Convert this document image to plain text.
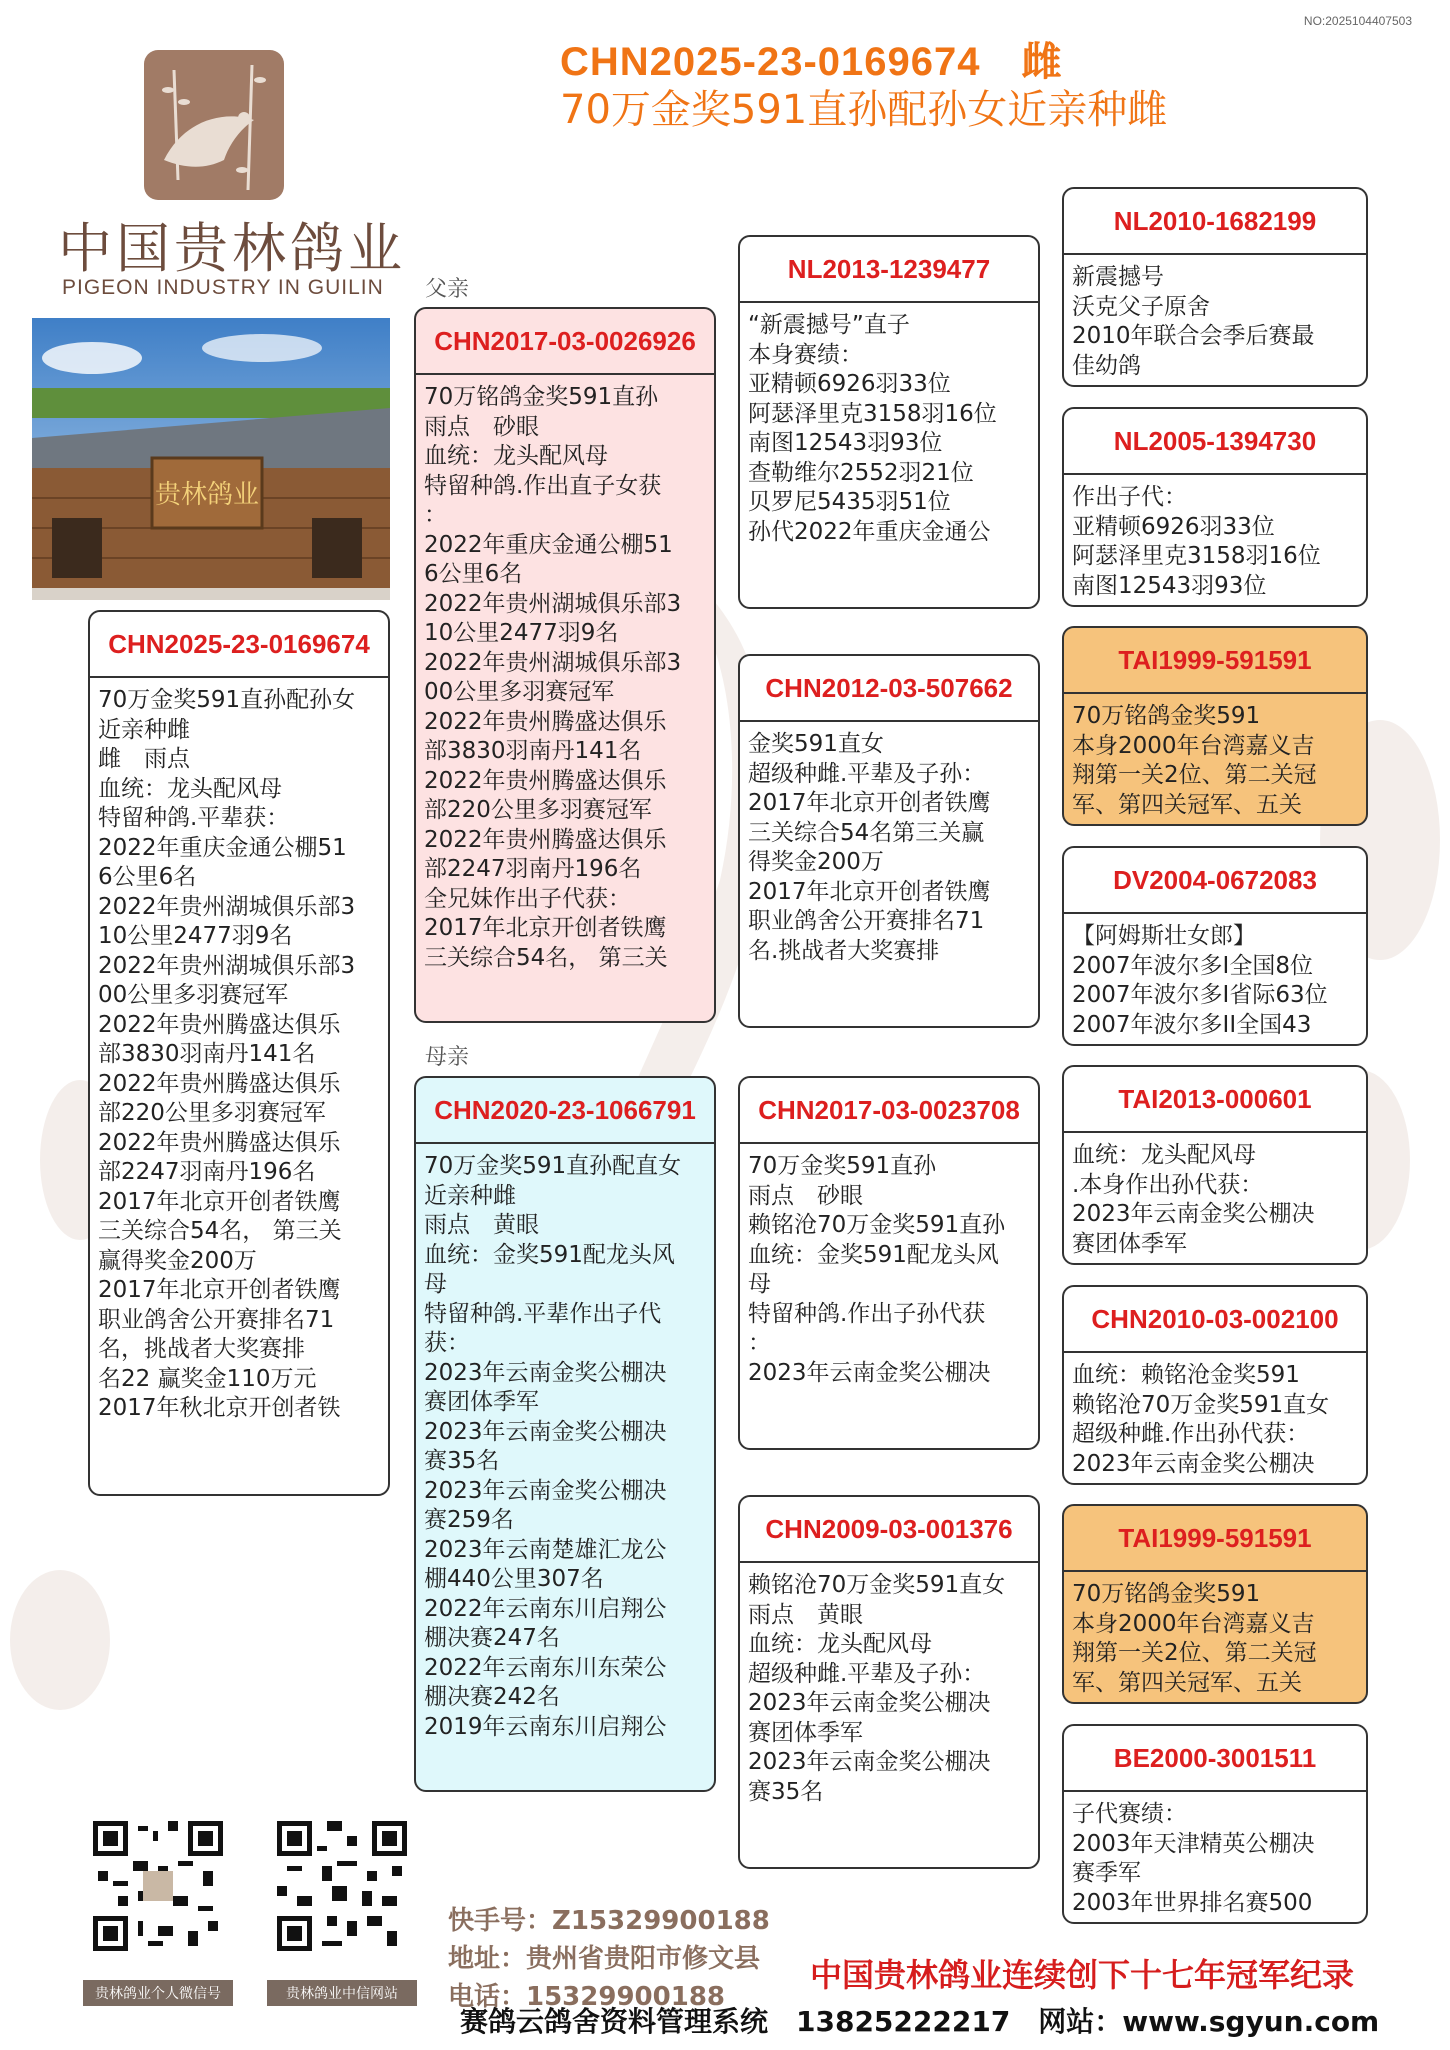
NO:2025104407503
CHN2025-23-0169674　雌
70万金奖591直孙配孙女近亲种雌
中国贵林鸽业
PIGEON INDUSTRY IN GUILIN
贵林鸽业
父亲
母亲
CHN2025-23-0169674
70万金奖591直孙配孙女
近亲种雌
雌　雨点
血统：龙头配风母
特留种鸽.平辈获：
2022年重庆金通公棚51
6公里6名
2022年贵州湖城俱乐部3
10公里2477羽9名
2022年贵州湖城俱乐部3
00公里多羽赛冠军
2022年贵州腾盛达俱乐
部3830羽南丹141名
2022年贵州腾盛达俱乐
部220公里多羽赛冠军
2022年贵州腾盛达俱乐
部2247羽南丹196名
2017年北京开创者铁鹰
三关综合54名， 第三关
赢得奖金200万
2017年北京开创者铁鹰
职业鸽舍公开赛排名71
名，挑战者大奖赛排
名22 赢奖金110万元
2017年秋北京开创者铁
CHN2017-03-0026926
70万铭鸽金奖591直孙
雨点　砂眼
血统：龙头配风母
特留种鸽.作出直子女获
：
2022年重庆金通公棚51
6公里6名
2022年贵州湖城俱乐部3
10公里2477羽9名
2022年贵州湖城俱乐部3
00公里多羽赛冠军
2022年贵州腾盛达俱乐
部3830羽南丹141名
2022年贵州腾盛达俱乐
部220公里多羽赛冠军
2022年贵州腾盛达俱乐
部2247羽南丹196名
全兄妹作出子代获：
2017年北京开创者铁鹰
三关综合54名， 第三关
CHN2020-23-1066791
70万金奖591直孙配直女
近亲种雌
雨点　黄眼
血统：金奖591配龙头风
母
特留种鸽.平辈作出子代
获：
2023年云南金奖公棚决
赛团体季军
2023年云南金奖公棚决
赛35名
2023年云南金奖公棚决
赛259名
2023年云南楚雄汇龙公
棚440公里307名
2022年云南东川启翔公
棚决赛247名
2022年云南东川东荣公
棚决赛242名
2019年云南东川启翔公
NL2013-1239477
“新震撼号”直子
本身赛绩：
亚精顿6926羽33位
阿瑟泽里克3158羽16位
南图12543羽93位
查勒维尔2552羽21位
贝罗尼5435羽51位
孙代2022年重庆金通公
CHN2012-03-507662
金奖591直女
超级种雌.平辈及子孙：
2017年北京开创者铁鹰
三关综合54名第三关赢
得奖金200万
2017年北京开创者铁鹰
职业鸽舍公开赛排名71
名.挑战者大奖赛排
CHN2017-03-0023708
70万金奖591直孙
雨点　砂眼
赖铭沧70万金奖591直孙
血统：金奖591配龙头风
母
特留种鸽.作出子孙代获
：
2023年云南金奖公棚决
CHN2009-03-001376
赖铭沧70万金奖591直女
雨点　黄眼
血统：龙头配风母
超级种雌.平辈及子孙：
2023年云南金奖公棚决
赛团体季军
2023年云南金奖公棚决
赛35名
NL2010-1682199
新震撼号
沃克父子原舍
2010年联合会季后赛最
佳幼鸽
NL2005-1394730
作出子代：
亚精顿6926羽33位
阿瑟泽里克3158羽16位
南图12543羽93位
TAI1999-591591
70万铭鸽金奖591
本身2000年台湾嘉义吉
翔第一关2位、第二关冠
军、第四关冠军、五关
DV2004-0672083
【阿姆斯壮女郎】
2007年波尔多I全国8位
2007年波尔多I省际63位
2007年波尔多II全国43
TAI2013-000601
血统：龙头配风母
.本身作出孙代获：
2023年云南金奖公棚决
赛团体季军
CHN2010-03-002100
血统：赖铭沧金奖591
赖铭沧70万金奖591直女
超级种雌.作出孙代获：
2023年云南金奖公棚决
TAI1999-591591
70万铭鸽金奖591
本身2000年台湾嘉义吉
翔第一关2位、第二关冠
军、第四关冠军、五关
BE2000-3001511
子代赛绩：
2003年天津精英公棚决
赛季军
2003年世界排名赛500
贵林鸽业个人微信号	贵林鸽业中信网站
快手号：Z15329900188
地址：贵州省贵阳市修文县
电话：15329900188
中国贵林鸽业连续创下十七年冠军纪录
赛鸽云鸽舍资料管理系统　13825222217　网站：www.sgyun.com
